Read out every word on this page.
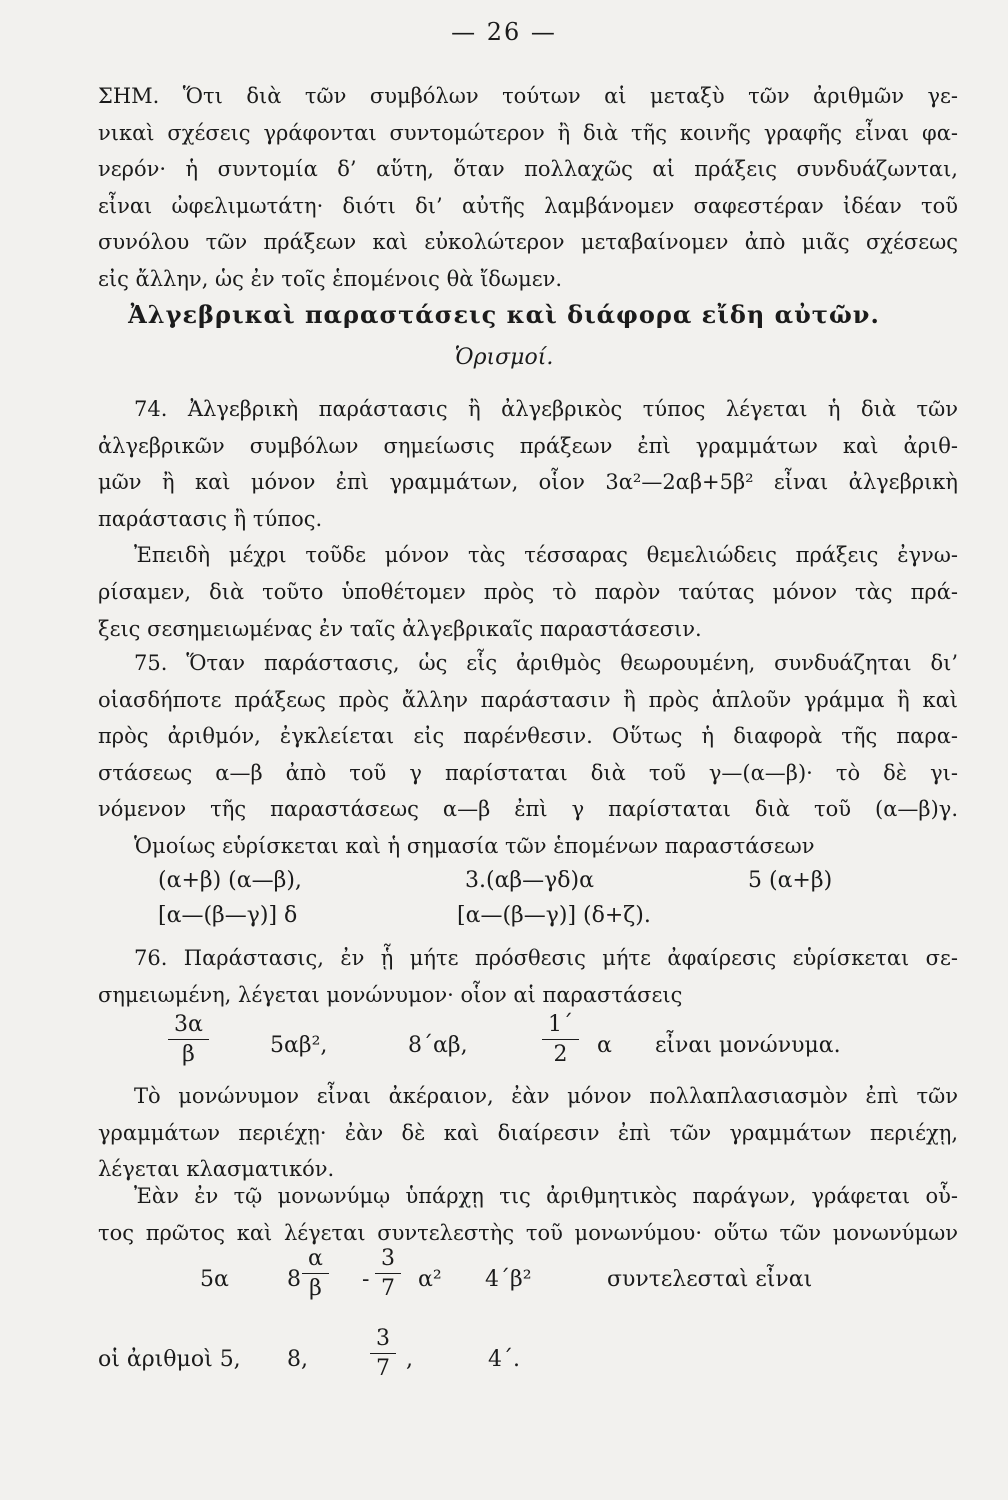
— 26 —
ΣΗΜ. Ὅτι διὰ τῶν συμβόλων τούτων αἱ μεταξὺ τῶν ἀριθμῶν γε-
νικαὶ σχέσεις γράφονται συντομώτερον ἢ διὰ τῆς κοινῆς γραφῆς εἶναι φα-
νερόν· ἡ συντομία δ’ αὕτη, ὅταν πολλαχῶς αἱ πράξεις συνδυάζωνται,
εἶναι ὠφελιμωτάτη· διότι δι’ αὐτῆς λαμβάνομεν σαφεστέραν ἰδέαν τοῦ
συνόλου τῶν πράξεων καὶ εὐκολώτερον μεταβαίνομεν ἀπὸ μιᾶς σχέσεως
εἰς ἄλλην, ὡς ἐν τοῖς ἑπομένοις θὰ ἴδωμεν.
Ἀλγεβρικαὶ παραστάσεις καὶ διάφορα εἴδη αὐτῶν.
Ὁρισμοί.
74. Ἀλγεβρικὴ παράστασις ἢ ἀλγεβρικὸς τύπος λέγεται ἡ διὰ τῶν
ἀλγεβρικῶν συμβόλων σημείωσις πράξεων ἐπὶ γραμμάτων καὶ ἀριθ-
μῶν ἢ καὶ μόνον ἐπὶ γραμμάτων, οἷον 3α²—2αβ+5β² εἶναι ἀλγεβρικὴ
παράστασις ἢ τύπος.
Ἐπειδὴ μέχρι τοῦδε μόνον τὰς τέσσαρας θεμελιώδεις πράξεις ἐγνω-
ρίσαμεν, διὰ τοῦτο ὑποθέτομεν πρὸς τὸ παρὸν ταύτας μόνον τὰς πρά-
ξεις σεσημειωμένας ἐν ταῖς ἀλγεβρικαῖς παραστάσεσιν.
75. Ὅταν παράστασις, ὡς εἷς ἀριθμὸς θεωρουμένη, συνδυάζηται δι’
οἱασδήποτε πράξεως πρὸς ἄλλην παράστασιν ἢ πρὸς ἁπλοῦν γράμμα ἢ καὶ
πρὸς ἀριθμόν, ἐγκλείεται εἰς παρένθεσιν. Οὕτως ἡ διαφορὰ τῆς παρα-
στάσεως α—β ἀπὸ τοῦ γ παρίσταται διὰ τοῦ γ—(α—β)· τὸ δὲ γι-
νόμενον τῆς παραστάσεως α—β ἐπὶ γ παρίσταται διὰ τοῦ (α—β)γ.
Ὁμοίως εὑρίσκεται καὶ ἡ σημασία τῶν ἑπομένων παραστάσεων
(α+β) (α—β),	3.(αβ—γδ)α	5 (α+β)
[α—(β—γ)] δ	[α—(β—γ)] (δ+ζ).
76. Παράστασις, ἐν ᾗ μήτε πρόσθεσις μήτε ἀφαίρεσις εὑρίσκεται σε-
σημειωμένη, λέγεται μονώνυμον· οἷον αἱ παραστάσεις
$\frac{3\alpha}{\beta}$	5αβ²,	8΄αβ,	$\frac{1΄}{2}$ α εἶναι μονώνυμα.
Τὸ μονώνυμον εἶναι ἀκέραιον, ἐὰν μόνον πολλαπλασιασμὸν ἐπὶ τῶν
γραμμάτων περιέχῃ· ἐὰν δὲ καὶ διαίρεσιν ἐπὶ τῶν γραμμάτων περιέχῃ,
λέγεται κλασματικόν.
Ἐὰν ἐν τῷ μονωνύμῳ ὑπάρχῃ τις ἀριθμητικὸς παράγων, γράφεται οὗ-
τος πρῶτος καὶ λέγεται συντελεστὴς τοῦ μονωνύμου· οὕτω τῶν μονωνύμων
5α	$8 \frac{\alpha}{\beta} - \frac{3}{7} \alpha^2$ 4΄β²	συντελεσταὶ εἶναι
οἱ ἀριθμοὶ 5, 8,	$\frac{3}{7}$ ,	4΄.
